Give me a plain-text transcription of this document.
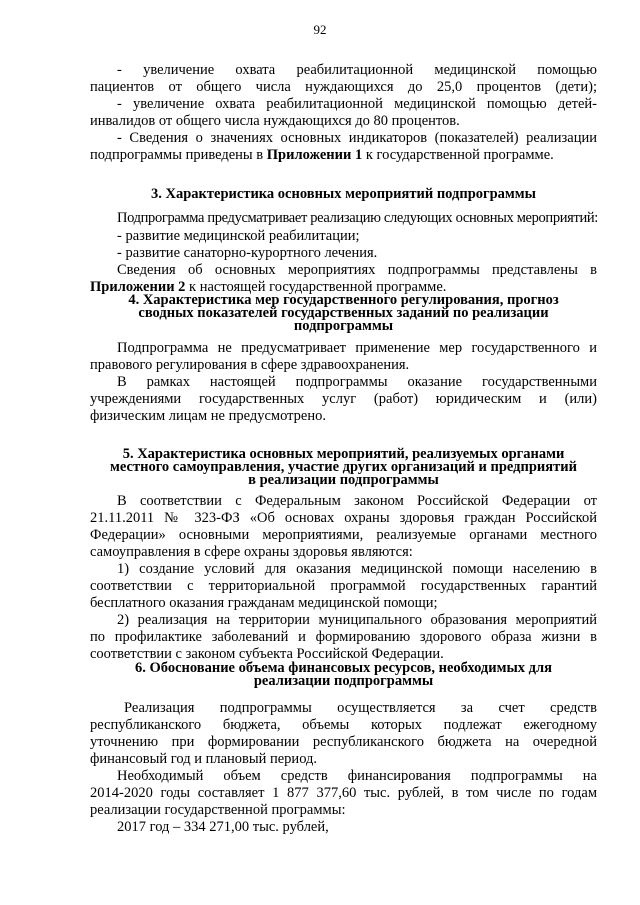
92
- увеличение охвата реабилитационной медицинской помощью
пациентов от общего числа нуждающихся до 25,0 процентов (дети);
- увеличение охвата реабилитационной медицинской помощью детей-
инвалидов от общего числа нуждающихся до 80 процентов.
- Сведения о значениях основных индикаторов (показателей) реализации
подпрограммы приведены в Приложении 1 к государственной программе.
3. Характеристика основных мероприятий подпрограммы
Подпрограмма предусматривает реализацию следующих основных мероприятий:
- развитие медицинской реабилитации;
- развитие санаторно-курортного лечения.
Сведения об основных мероприятиях подпрограммы представлены в
Приложении 2 к настоящей государственной программе.
4. Характеристика мер государственного регулирования, прогноз
сводных показателей государственных заданий по реализации
подпрограммы
Подпрограмма не предусматривает применение мер государственного и
правового регулирования в сфере здравоохранения.
В рамках настоящей подпрограммы оказание государственными
учреждениями государственных услуг (работ) юридическим и (или)
физическим лицам не предусмотрено.
5. Характеристика основных мероприятий, реализуемых органами
местного самоуправления, участие других организаций и предприятий
в реализации подпрограммы
В соответствии с Федеральным законом Российской Федерации от
21.11.2011 № 323-ФЗ «Об основах охраны здоровья граждан Российской
Федерации» основными мероприятиями, реализуемые органами местного
самоуправления в сфере охраны здоровья являются:
1) создание условий для оказания медицинской помощи населению в
соответствии с территориальной программой государственных гарантий
бесплатного оказания гражданам медицинской помощи;
2) реализация на территории муниципального образования мероприятий
по профилактике заболеваний и формированию здорового образа жизни в
соответствии с законом субъекта Российской Федерации.
6. Обоснование объема финансовых ресурсов, необходимых для
реализации подпрограммы
Реализация подпрограммы осуществляется за счет средств
республиканского бюджета, объемы которых подлежат ежегодному
уточнению при формировании республиканского бюджета на очередной
финансовый год и плановый период.
Необходимый объем средств финансирования подпрограммы на
2014-2020 годы составляет 1 877 377,60 тыс. рублей, в том числе по годам
реализации государственной программы:
2017 год – 334 271,00 тыс. рублей,
